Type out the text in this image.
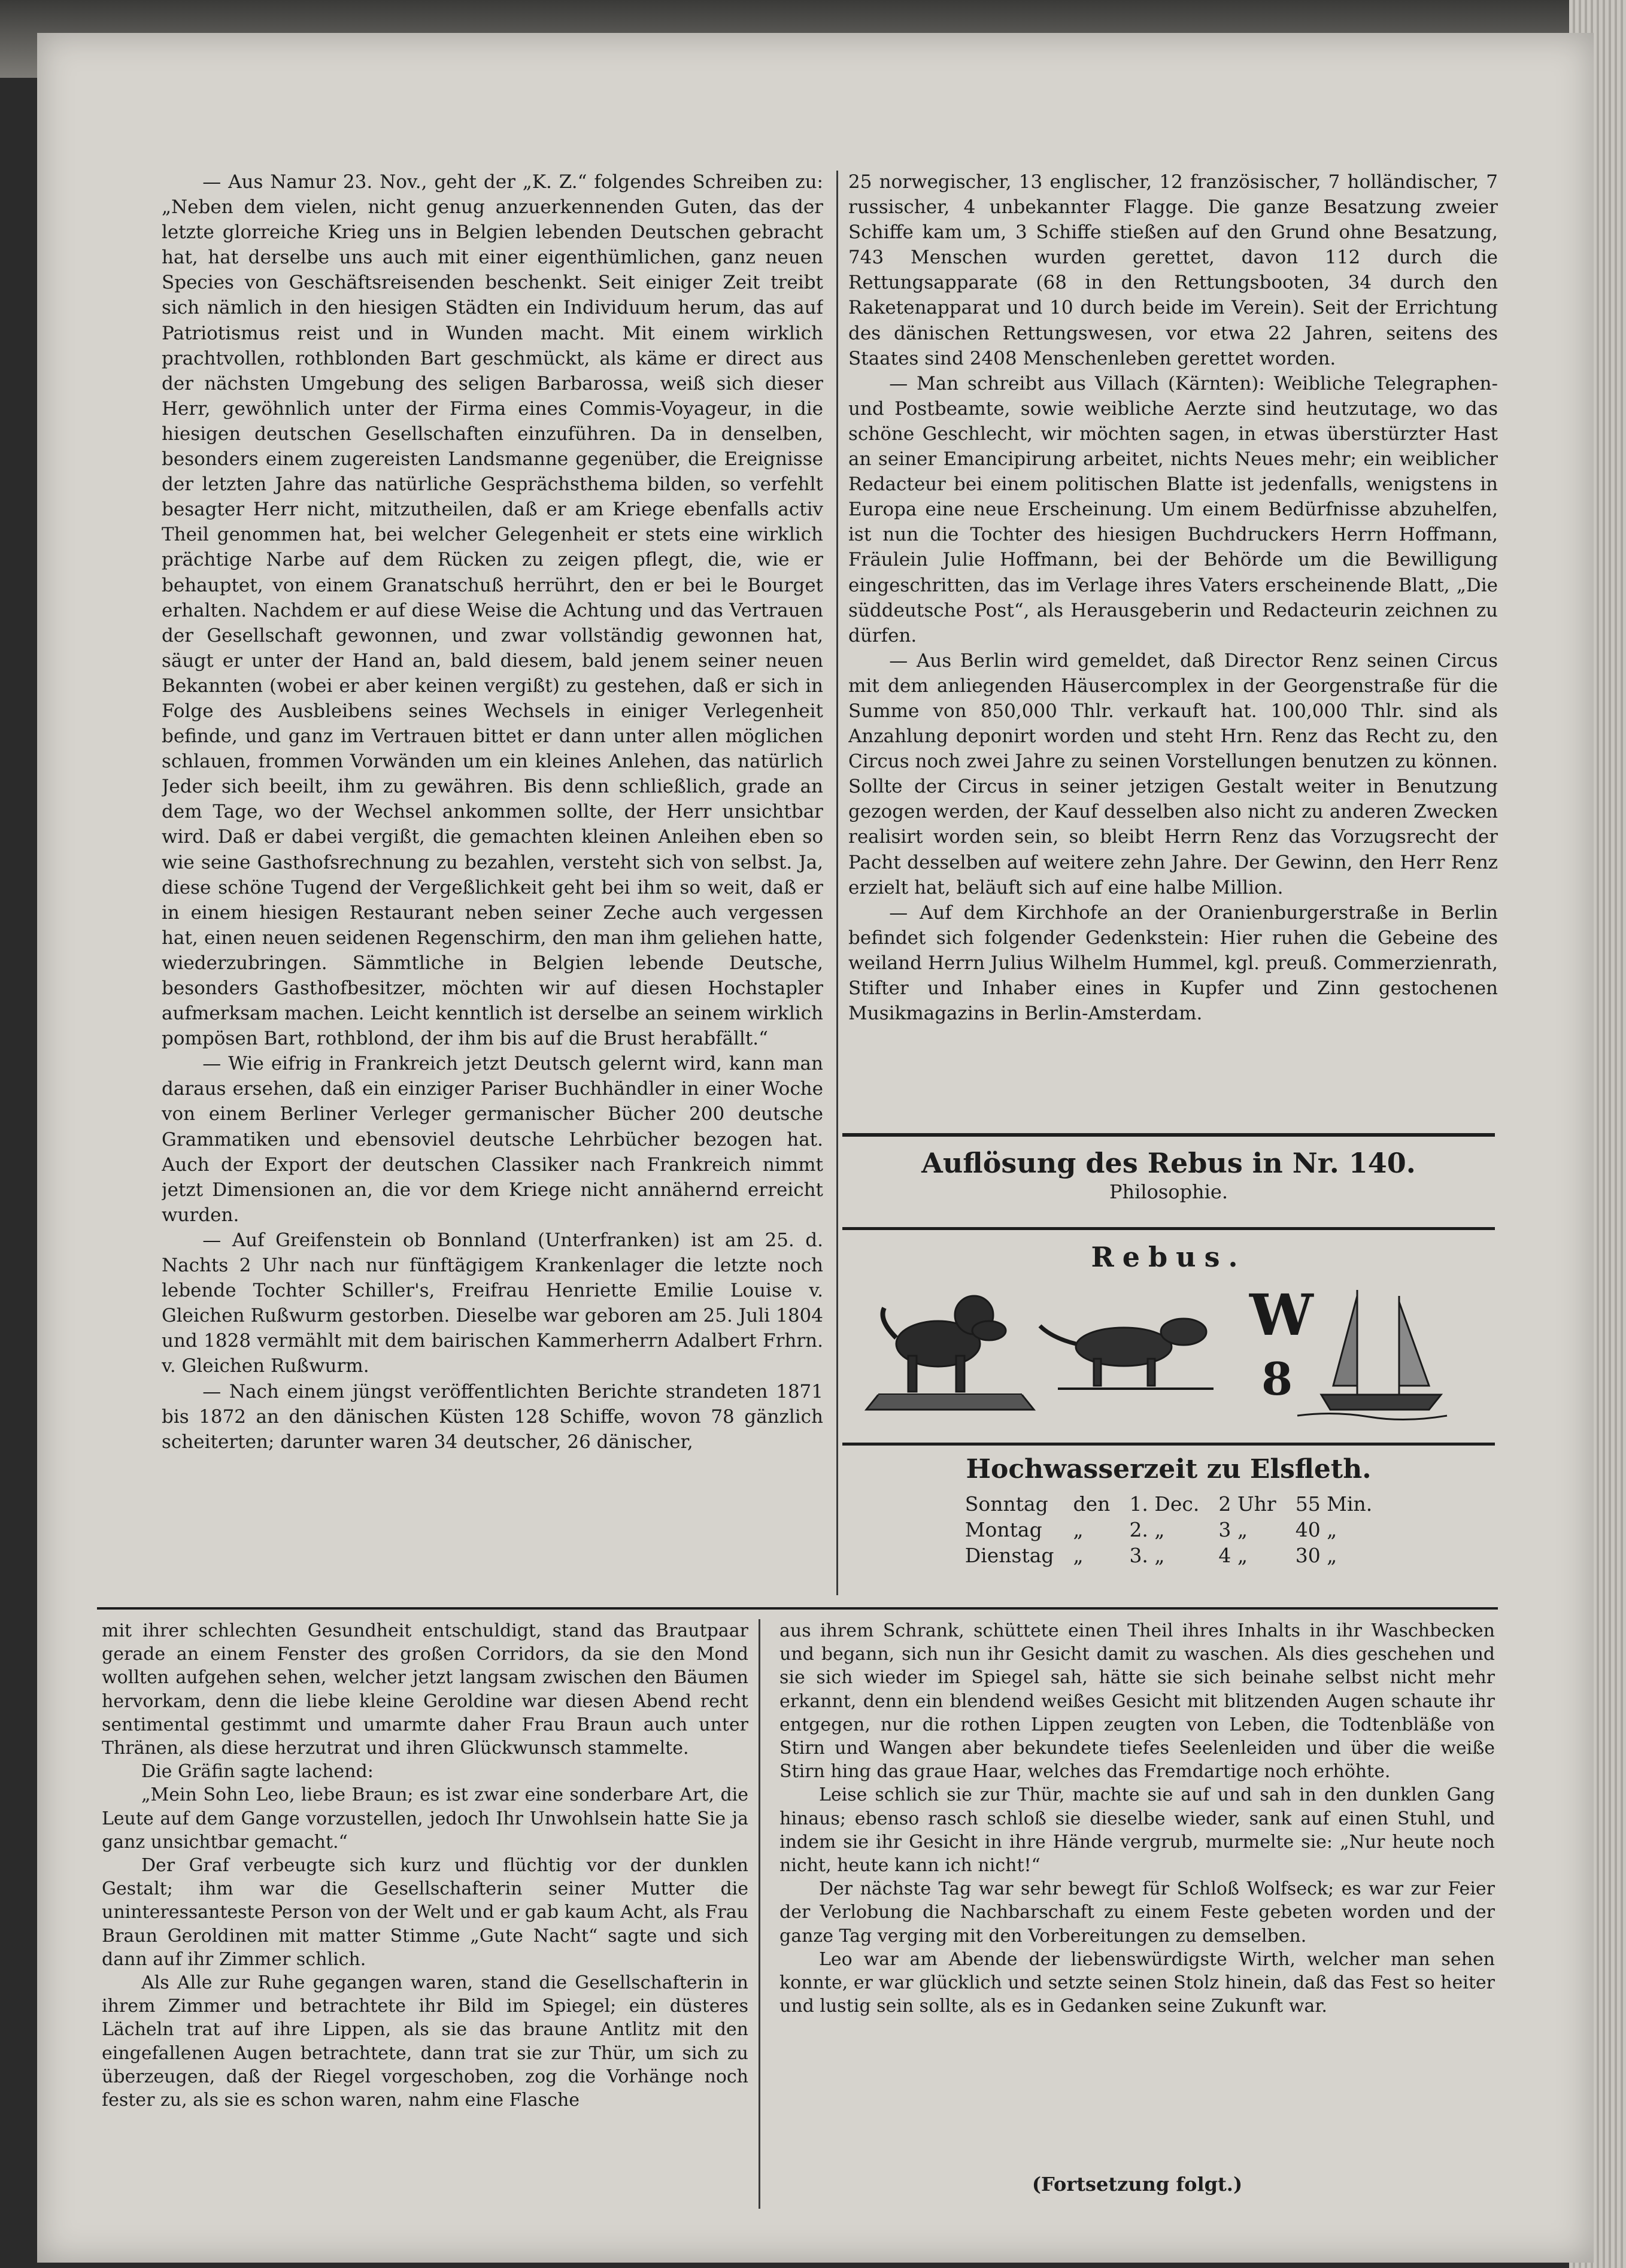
— Aus Namur 23. Nov., geht der „K. Z.“ folgendes Schreiben zu: „Neben dem vielen, nicht genug anzuerkennenden Guten, das der letzte glorreiche Krieg uns in Belgien lebenden Deutschen gebracht hat, hat derselbe uns auch mit einer eigenthümlichen, ganz neuen Species von Geschäftsreisenden beschenkt. Seit einiger Zeit treibt sich nämlich in den hiesigen Städten ein Individuum herum, das auf Patriotismus reist und in Wunden macht. Mit einem wirklich prachtvollen, rothblonden Bart geschmückt, als käme er direct aus der nächsten Umgebung des seligen Barbarossa, weiß sich dieser Herr, gewöhnlich unter der Firma eines Commis-Voyageur, in die hiesigen deutschen Gesellschaften einzuführen. Da in denselben, besonders einem zugereisten Landsmanne gegenüber, die Ereignisse der letzten Jahre das natürliche Gesprächsthema bilden, so verfehlt besagter Herr nicht, mitzutheilen, daß er am Kriege ebenfalls activ Theil genommen hat, bei welcher Gelegenheit er stets eine wirklich prächtige Narbe auf dem Rücken zu zeigen pflegt, die, wie er behauptet, von einem Granatschuß herrührt, den er bei le Bourget erhalten. Nachdem er auf diese Weise die Achtung und das Vertrauen der Gesellschaft gewonnen, und zwar vollständig gewonnen hat, säugt er unter der Hand an, bald diesem, bald jenem seiner neuen Bekannten (wobei er aber keinen vergißt) zu gestehen, daß er sich in Folge des Ausbleibens seines Wechsels in einiger Verlegenheit befinde, und ganz im Vertrauen bittet er dann unter allen möglichen schlauen, frommen Vorwänden um ein kleines Anlehen, das natürlich Jeder sich beeilt, ihm zu gewähren. Bis denn schließlich, grade an dem Tage, wo der Wechsel ankommen sollte, der Herr unsichtbar wird. Daß er dabei vergißt, die gemachten kleinen Anleihen eben so wie seine Gasthofsrechnung zu bezahlen, versteht sich von selbst. Ja, diese schöne Tugend der Vergeßlichkeit geht bei ihm so weit, daß er in einem hiesigen Restaurant neben seiner Zeche auch vergessen hat, einen neuen seidenen Regenschirm, den man ihm geliehen hatte, wiederzubringen. Sämmtliche in Belgien lebende Deutsche, besonders Gasthofbesitzer, möchten wir auf diesen Hochstapler aufmerksam machen. Leicht kenntlich ist derselbe an seinem wirklich pompösen Bart, rothblond, der ihm bis auf die Brust herabfällt.“

— Wie eifrig in Frankreich jetzt Deutsch gelernt wird, kann man daraus ersehen, daß ein einziger Pariser Buchhändler in einer Woche von einem Berliner Verleger germanischer Bücher 200 deutsche Grammatiken und ebensoviel deutsche Lehrbücher bezogen hat. Auch der Export der deutschen Classiker nach Frankreich nimmt jetzt Dimensionen an, die vor dem Kriege nicht annähernd erreicht wurden.

— Auf Greifenstein ob Bonnland (Unterfranken) ist am 25. d. Nachts 2 Uhr nach nur fünftägigem Krankenlager die letzte noch lebende Tochter Schiller's, Freifrau Henriette Emilie Louise v. Gleichen Rußwurm gestorben. Dieselbe war geboren am 25. Juli 1804 und 1828 vermählt mit dem bairischen Kammerherrn Adalbert Frhrn. v. Gleichen Rußwurm.

— Nach einem jüngst veröffentlichten Berichte strandeten 1871 bis 1872 an den dänischen Küsten 128 Schiffe, wovon 78 gänzlich scheiterten; darunter waren 34 deutscher, 26 dänischer,

25 norwegischer, 13 englischer, 12 französischer, 7 holländischer, 7 russischer, 4 unbekannter Flagge. Die ganze Besatzung zweier Schiffe kam um, 3 Schiffe stießen auf den Grund ohne Besatzung, 743 Menschen wurden gerettet, davon 112 durch die Rettungsapparate (68 in den Rettungsbooten, 34 durch den Raketenapparat und 10 durch beide im Verein). Seit der Errichtung des dänischen Rettungswesen, vor etwa 22 Jahren, seitens des Staates sind 2408 Menschenleben gerettet worden.

— Man schreibt aus Villach (Kärnten): Weibliche Telegraphen- und Postbeamte, sowie weibliche Aerzte sind heutzutage, wo das schöne Geschlecht, wir möchten sagen, in etwas überstürzter Hast an seiner Emancipirung arbeitet, nichts Neues mehr; ein weiblicher Redacteur bei einem politischen Blatte ist jedenfalls, wenigstens in Europa eine neue Erscheinung. Um einem Bedürfnisse abzuhelfen, ist nun die Tochter des hiesigen Buchdruckers Herrn Hoffmann, Fräulein Julie Hoffmann, bei der Behörde um die Bewilligung eingeschritten, das im Verlage ihres Vaters erscheinende Blatt, „Die süddeutsche Post“, als Herausgeberin und Redacteurin zeichnen zu dürfen.

— Aus Berlin wird gemeldet, daß Director Renz seinen Circus mit dem anliegenden Häusercomplex in der Georgenstraße für die Summe von 850,000 Thlr. verkauft hat. 100,000 Thlr. sind als Anzahlung deponirt worden und steht Hrn. Renz das Recht zu, den Circus noch zwei Jahre zu seinen Vorstellungen benutzen zu können. Sollte der Circus in seiner jetzigen Gestalt weiter in Benutzung gezogen werden, der Kauf desselben also nicht zu anderen Zwecken realisirt worden sein, so bleibt Herrn Renz das Vorzugsrecht der Pacht desselben auf weitere zehn Jahre. Der Gewinn, den Herr Renz erzielt hat, beläuft sich auf eine halbe Million.

— Auf dem Kirchhofe an der Oranienburgerstraße in Berlin befindet sich folgender Gedenkstein: Hier ruhen die Gebeine des weiland Herrn Julius Wilhelm Hummel, kgl. preuß. Commerzienrath, Stifter und Inhaber eines in Kupfer und Zinn gestochenen Musikmagazins in Berlin-Amsterdam.

Auflösung des Rebus in Nr. 140.
Philosophie.
Rebus.
W
8
Hochwasserzeit zu Elsfleth.
Sonntag	den	1. Dec.	2 Uhr	55 Min.
Montag	„	2. „	3 „	40 „
Dienstag	„	3. „	4 „	30 „

mit ihrer schlechten Gesundheit entschuldigt, stand das Brautpaar gerade an einem Fenster des großen Corridors, da sie den Mond wollten aufgehen sehen, welcher jetzt langsam zwischen den Bäumen hervorkam, denn die liebe kleine Geroldine war diesen Abend recht sentimental gestimmt und umarmte daher Frau Braun auch unter Thränen, als diese herzutrat und ihren Glückwunsch stammelte.

Die Gräfin sagte lachend:

„Mein Sohn Leo, liebe Braun; es ist zwar eine sonderbare Art, die Leute auf dem Gange vorzustellen, jedoch Ihr Unwohlsein hatte Sie ja ganz unsichtbar gemacht.“

Der Graf verbeugte sich kurz und flüchtig vor der dunklen Gestalt; ihm war die Gesellschafterin seiner Mutter die uninteressanteste Person von der Welt und er gab kaum Acht, als Frau Braun Geroldinen mit matter Stimme „Gute Nacht“ sagte und sich dann auf ihr Zimmer schlich.

Als Alle zur Ruhe gegangen waren, stand die Gesellschafterin in ihrem Zimmer und betrachtete ihr Bild im Spiegel; ein düsteres Lächeln trat auf ihre Lippen, als sie das braune Antlitz mit den eingefallenen Augen betrachtete, dann trat sie zur Thür, um sich zu überzeugen, daß der Riegel vorgeschoben, zog die Vorhänge noch fester zu, als sie es schon waren, nahm eine Flasche

aus ihrem Schrank, schüttete einen Theil ihres Inhalts in ihr Waschbecken und begann, sich nun ihr Gesicht damit zu waschen. Als dies geschehen und sie sich wieder im Spiegel sah, hätte sie sich beinahe selbst nicht mehr erkannt, denn ein blendend weißes Gesicht mit blitzenden Augen schaute ihr entgegen, nur die rothen Lippen zeugten von Leben, die Todtenbläße von Stirn und Wangen aber bekundete tiefes Seelenleiden und über die weiße Stirn hing das graue Haar, welches das Fremdartige noch erhöhte.

Leise schlich sie zur Thür, machte sie auf und sah in den dunklen Gang hinaus; ebenso rasch schloß sie dieselbe wieder, sank auf einen Stuhl, und indem sie ihr Gesicht in ihre Hände vergrub, murmelte sie: „Nur heute noch nicht, heute kann ich nicht!“

Der nächste Tag war sehr bewegt für Schloß Wolfseck; es war zur Feier der Verlobung die Nachbarschaft zu einem Feste gebeten worden und der ganze Tag verging mit den Vorbereitungen zu demselben.

Leo war am Abende der liebenswürdigste Wirth, welcher man sehen konnte, er war glücklich und setzte seinen Stolz hinein, daß das Fest so heiter und lustig sein sollte, als es in Gedanken seine Zukunft war.

(Fortsetzung folgt.)
